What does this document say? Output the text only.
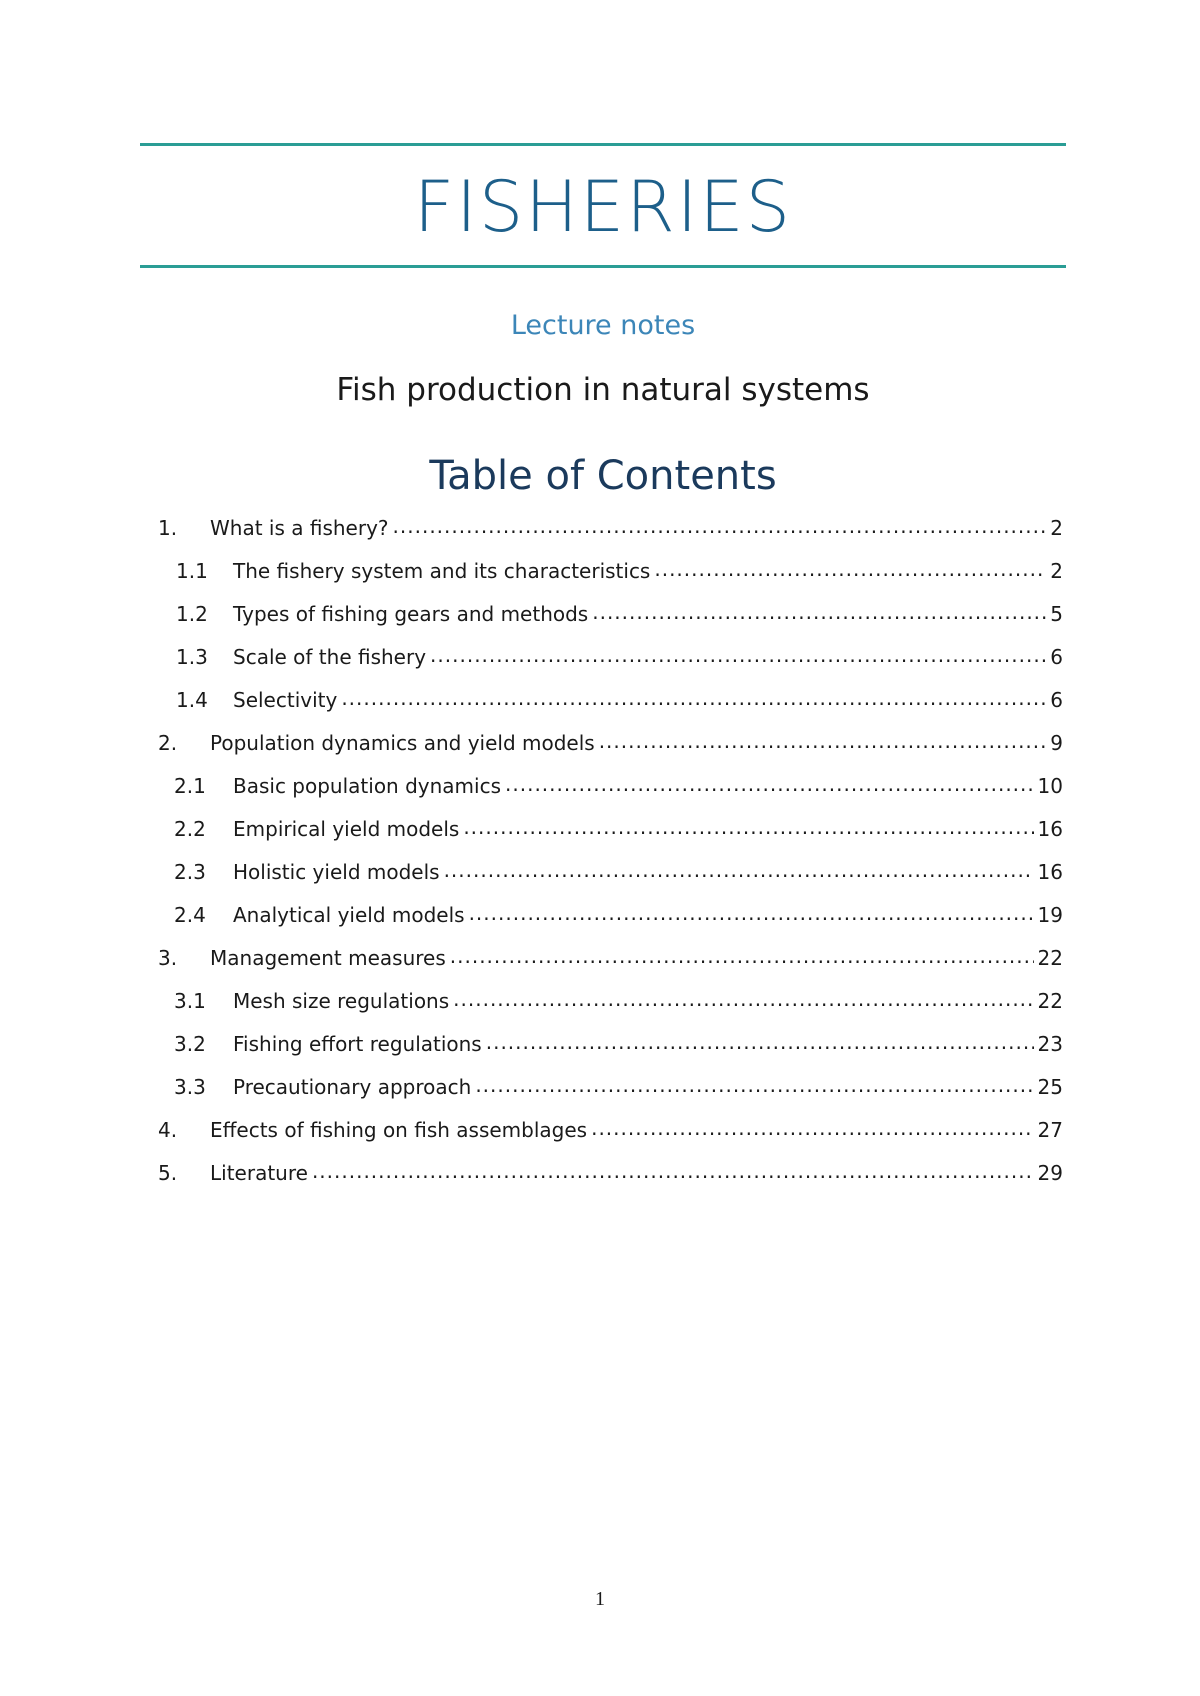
FISHERIES
Lecture notes
Fish production in natural systems
Table of Contents
1.	What is a fishery? .....	2
1.1	The fishery system and its characteristics .....	2
1.2	Types of fishing gears and methods .....	5
1.3	Scale of the fishery .....	6
1.4	Selectivity .....	6
2.	Population dynamics and yield models .....	9
2.1	Basic population dynamics .....	10
2.2	Empirical yield models .....	16
2.3	Holistic yield models .....	16
2.4	Analytical yield models .....	19
3.	Management measures .....	22
3.1	Mesh size regulations .....	22
3.2	Fishing effort regulations .....	23
3.3	Precautionary approach .....	25
4.	Effects of fishing on fish assemblages .....	27
5.	Literature .....	29
1
